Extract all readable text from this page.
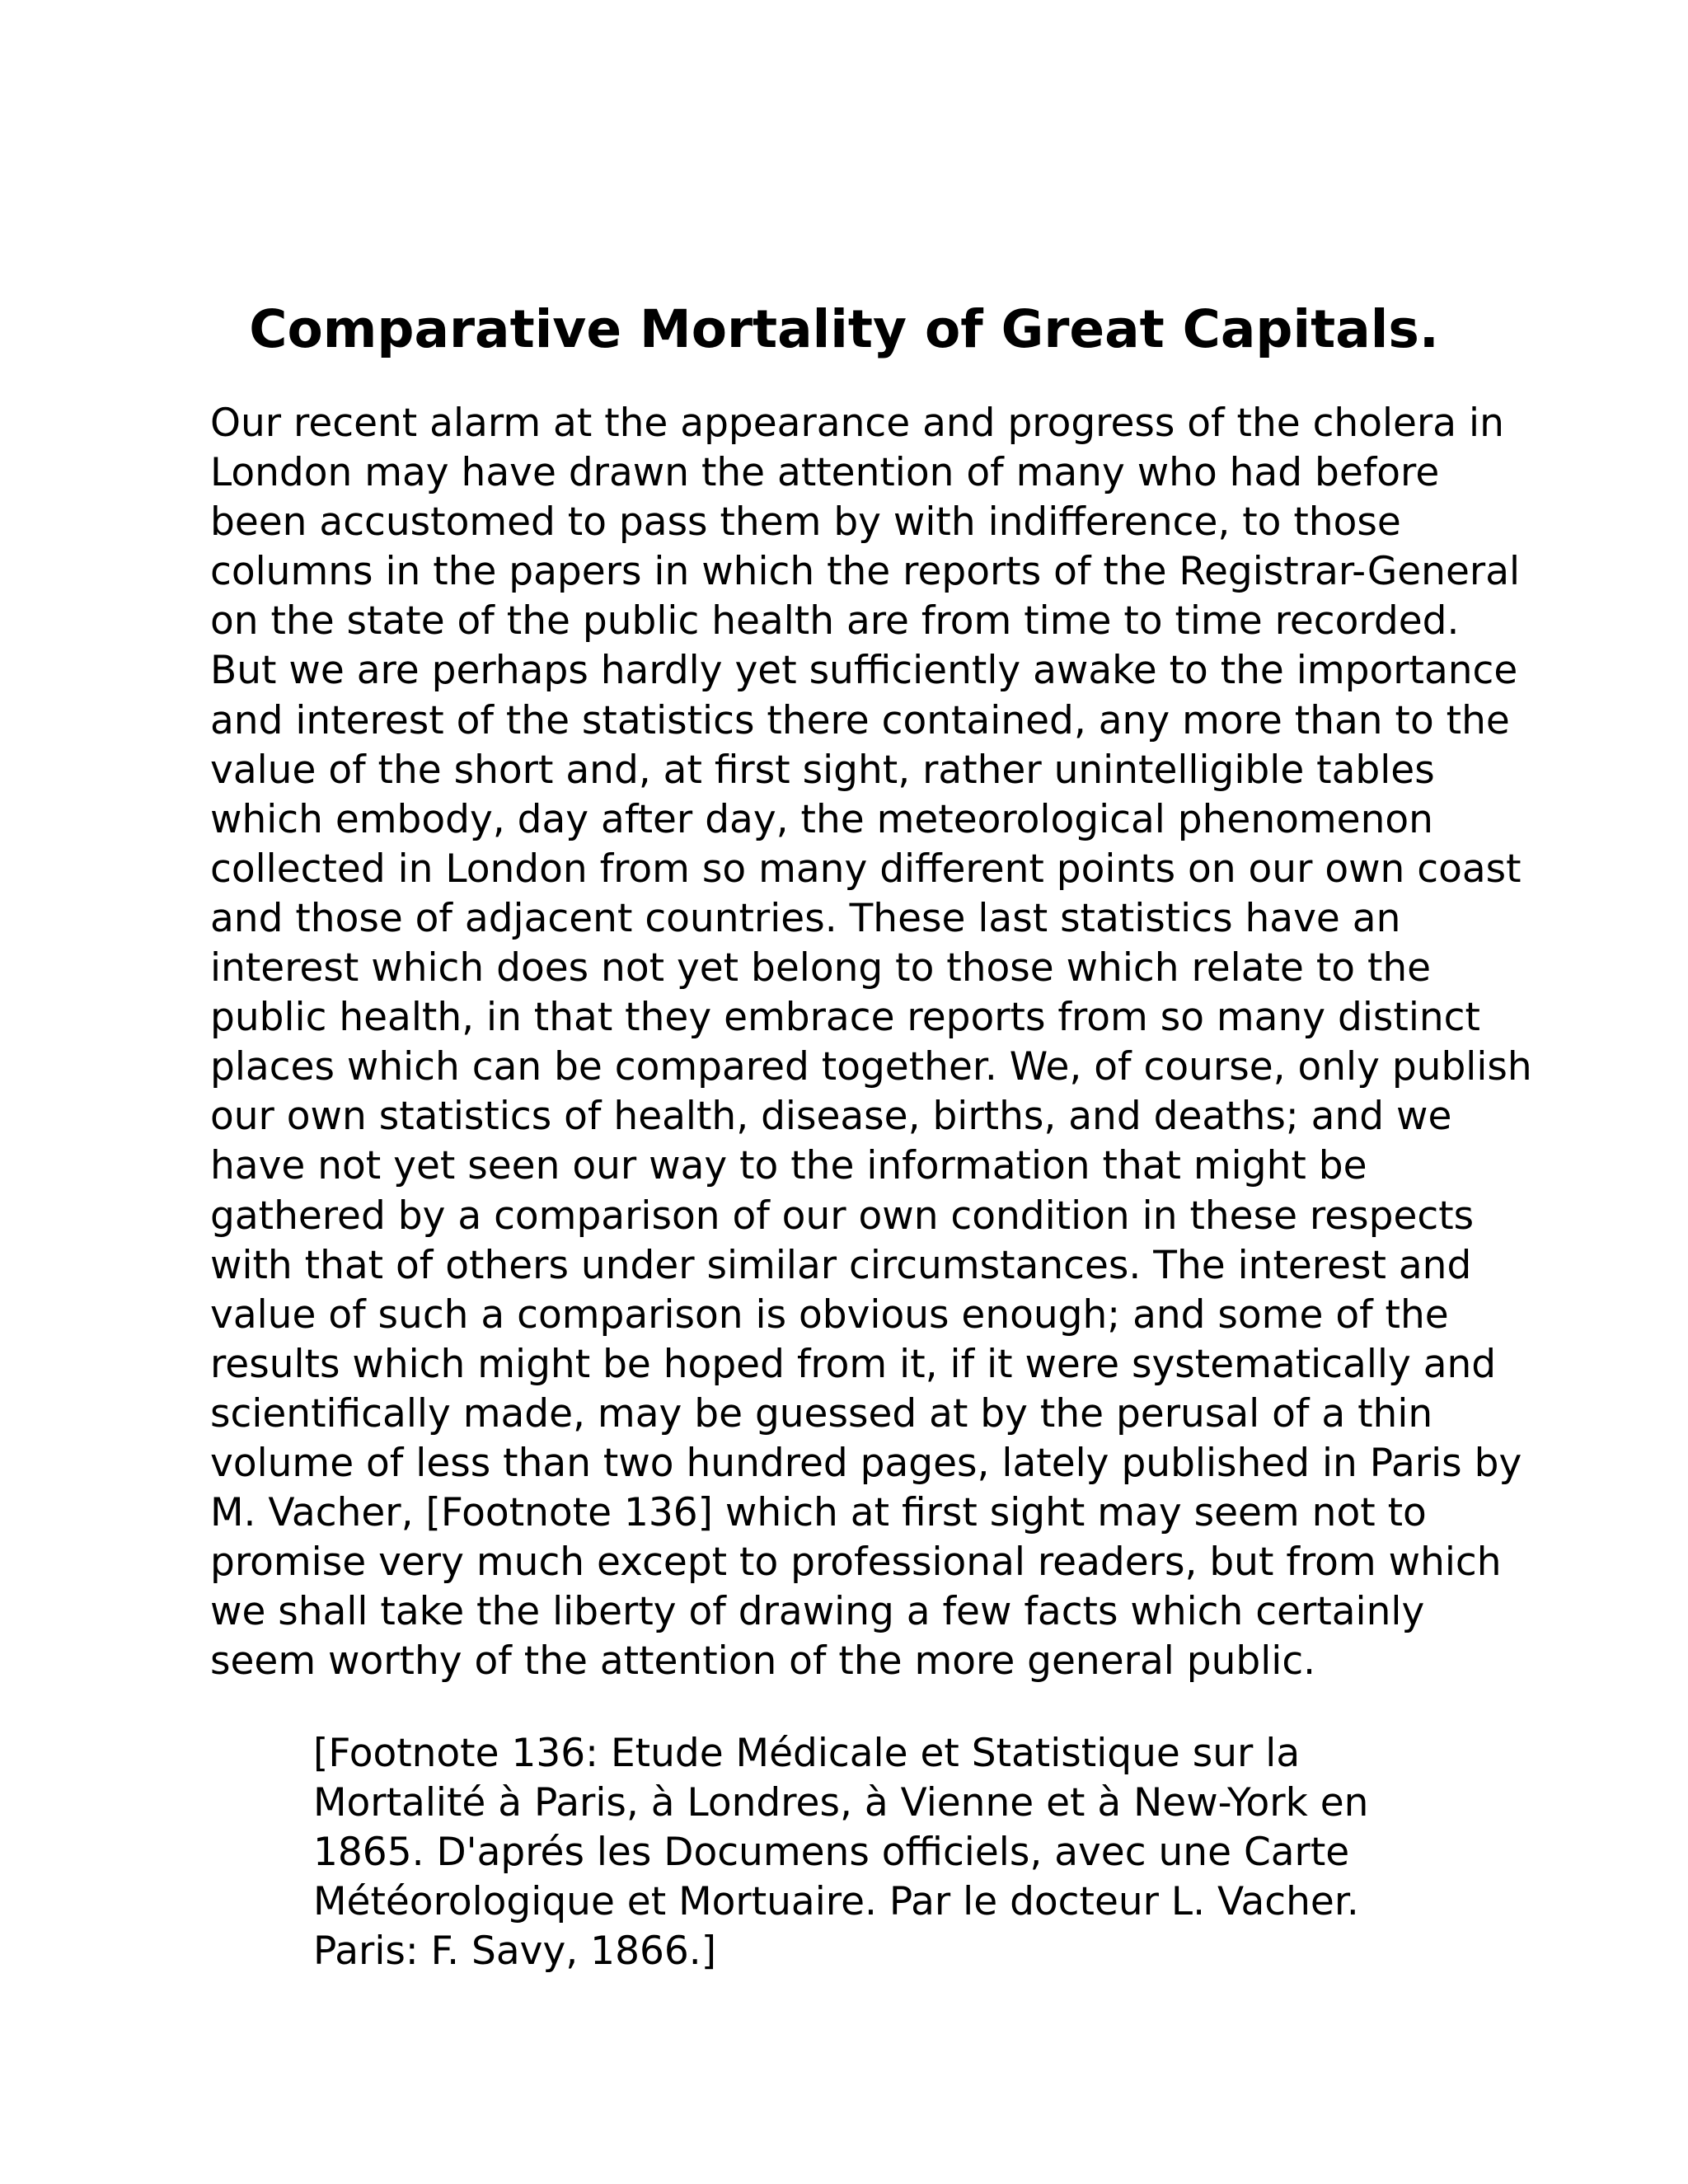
Comparative Mortality of Great Capitals.
Our recent alarm at the appearance and progress of the cholera in
London may have drawn the attention of many who had before
been accustomed to pass them by with indifference, to those
columns in the papers in which the reports of the Registrar-General
on the state of the public health are from time to time recorded.
But we are perhaps hardly yet sufficiently awake to the importance
and interest of the statistics there contained, any more than to the
value of the short and, at first sight, rather unintelligible tables
which embody, day after day, the meteorological phenomenon
collected in London from so many different points on our own coast
and those of adjacent countries. These last statistics have an
interest which does not yet belong to those which relate to the
public health, in that they embrace reports from so many distinct
places which can be compared together. We, of course, only publish
our own statistics of health, disease, births, and deaths; and we
have not yet seen our way to the information that might be
gathered by a comparison of our own condition in these respects
with that of others under similar circumstances. The interest and
value of such a comparison is obvious enough; and some of the
results which might be hoped from it, if it were systematically and
scientifically made, may be guessed at by the perusal of a thin
volume of less than two hundred pages, lately published in Paris by
M. Vacher, [Footnote 136] which at first sight may seem not to
promise very much except to professional readers, but from which
we shall take the liberty of drawing a few facts which certainly
seem worthy of the attention of the more general public.
[Footnote 136: Etude Médicale et Statistique sur la
Mortalité à Paris, à Londres, à Vienne et à New-York en
1865. D'aprés les Documens officiels, avec une Carte
Météorologique et Mortuaire. Par le docteur L. Vacher.
Paris: F. Savy, 1866.]
